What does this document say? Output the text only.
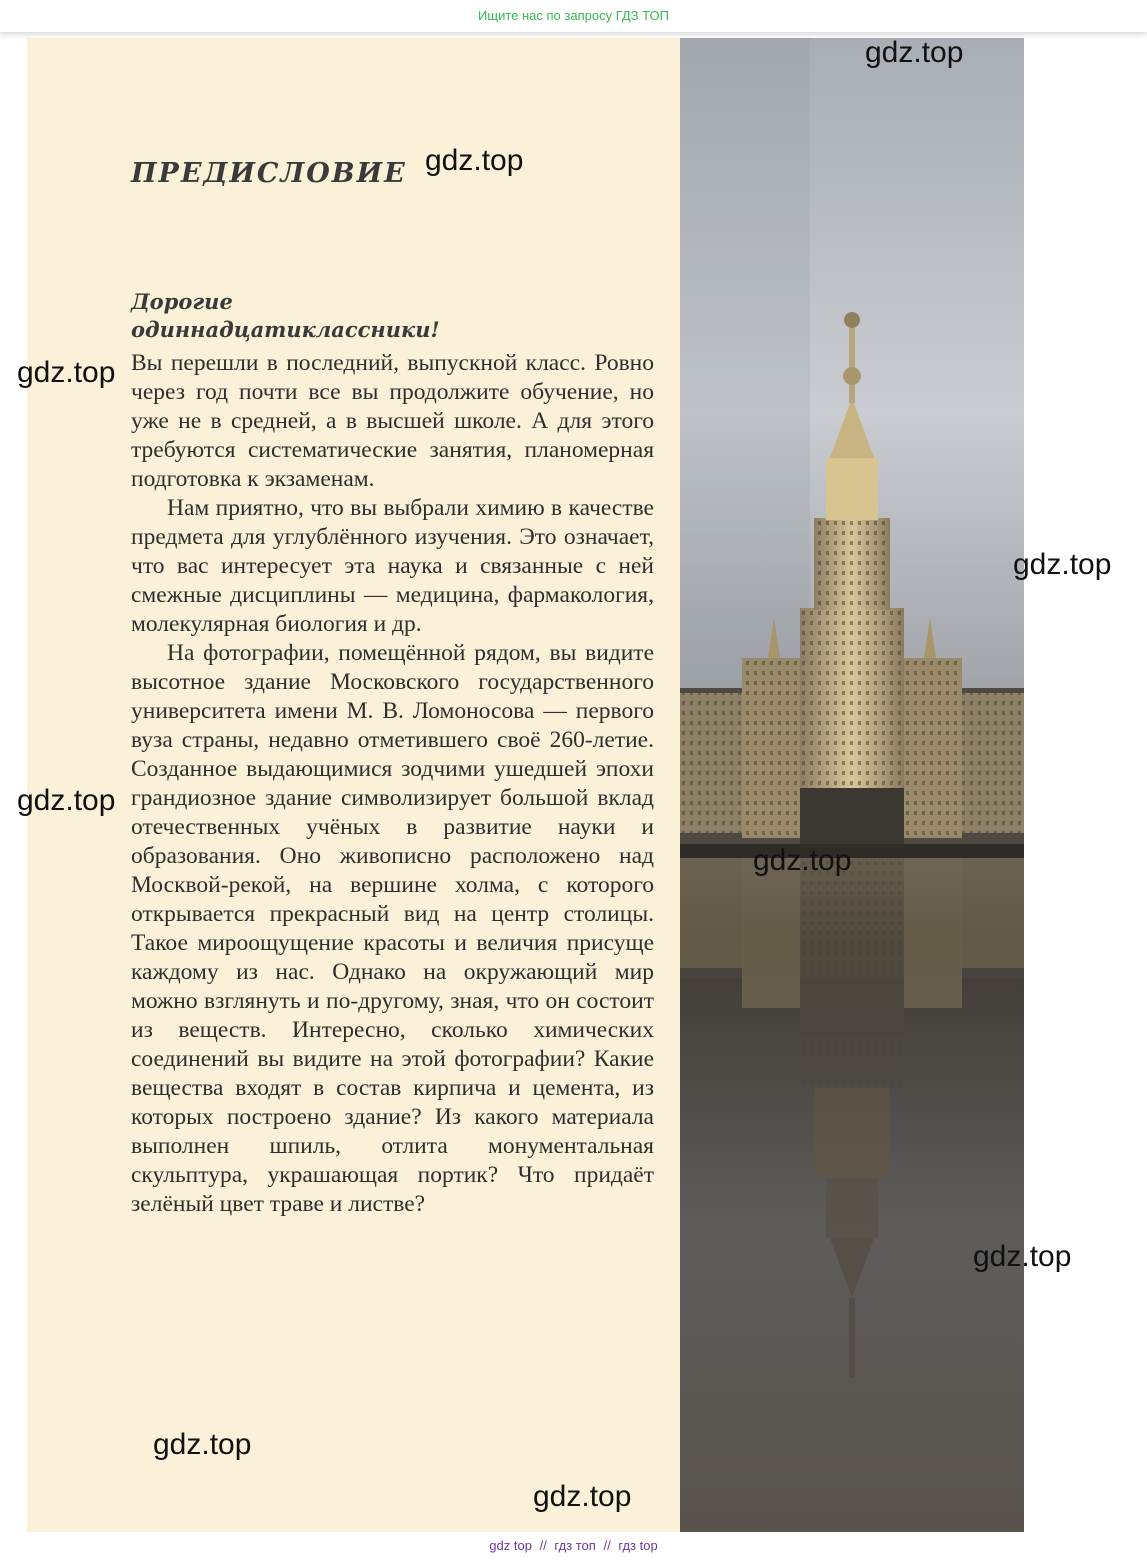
Ищите нас по запросу ГДЗ ТОП
ПРЕДИСЛОВИЕ
Дорогие
одиннадцатиклассники!

Вы перешли в последний, выпускной класс. Ровно через год почти все вы продолжите обучение, но уже не в средней, а в высшей школе. А для этого требуются систематические занятия, планомерная подготовка к экзаменам.

Нам приятно, что вы выбрали химию в качестве предмета для углублённого изучения. Это означает, что вас интересует эта наука и связанные с ней смежные дисциплины — медицина, фармакология, молекулярная биология и др.

На фотографии, помещённой рядом, вы видите высотное здание Московского государственного университета имени М. В. Ломоносова — первого вуза страны, недавно отметившего своё 260-летие. Созданное выдающимися зодчими ушедшей эпохи грандиозное здание символизирует большой вклад отечественных учёных в развитие науки и образования. Оно живописно расположено над Москвой-рекой, на вершине холма, с которого открывается прекрасный вид на центр столицы. Такое мироощущение красоты и величия присуще каждому из нас. Однако на окружающий мир можно взглянуть и по-другому, зная, что он состоит из веществ. Интересно, сколько химических соединений вы видите на этой фотографии? Какие вещества входят в состав кирпича и цемента, из которых построено здание? Из какого материала выполнен шпиль, отлита монументальная скульптура, украшающая портик? Что придаёт зелёный цвет траве и листве?

gdz.top
gdz.top
gdz.top
gdz.top
gdz.top
gdz.top
gdz.top
gdz.top
gdz.top
gdz top // гдз топ // гдз top
